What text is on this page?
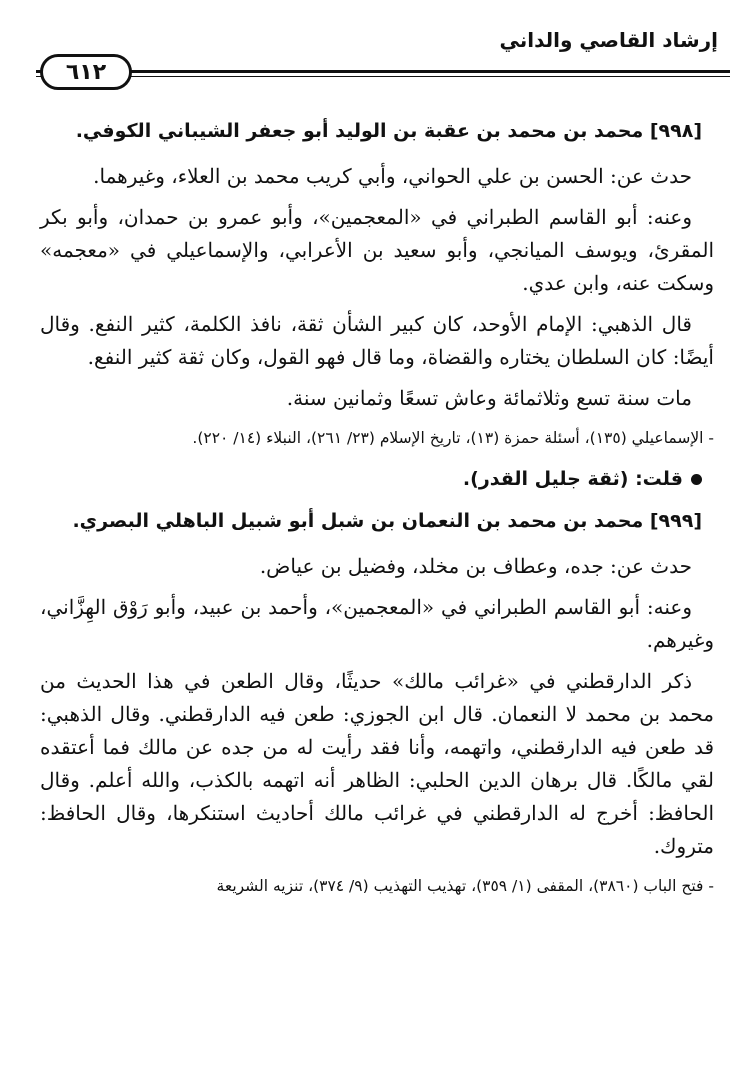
إرشاد القاصي والداني
٦١٢
[٩٩٨] محمد بن محمد بن عقبة بن الوليد أبو جعفر الشيباني الكوفي.

حدث عن: الحسن بن علي الحواني، وأبي كريب محمد بن العلاء، وغيرهما.

وعنه: أبو القاسم الطبراني في «المعجمين»، وأبو عمرو بن حمدان، وأبو بكر المقرئ، ويوسف الميانجي، وأبو سعيد بن الأعرابي، والإسماعيلي في «معجمه» وسكت عنه، وابن عدي.

قال الذهبي: الإمام الأوحد، كان كبير الشأن ثقة، نافذ الكلمة، كثير النفع. وقال أيضًا: كان السلطان يختاره والقضاة، وما قال فهو القول، وكان ثقة كثير النفع.

مات سنة تسع وثلاثمائة وعاش تسعًا وثمانين سنة.

- الإسماعيلي (١٣٥)، أسئلة حمزة (١٣)، تاريخ الإسلام (٢٣/ ٢٦١)، النبلاء (١٤/ ٢٢٠).
قلت: (ثقة جليل القدر).
[٩٩٩] محمد بن محمد بن النعمان بن شبل أبو شبيل الباهلي البصري.

حدث عن: جده، وعطاف بن مخلد، وفضيل بن عياض.

وعنه: أبو القاسم الطبراني في «المعجمين»، وأحمد بن عبيد، وأبو رَوْق الهِزَّاني، وغيرهم.

ذكر الدارقطني في «غرائب مالك» حديثًا، وقال الطعن في هذا الحديث من محمد بن محمد لا النعمان. قال ابن الجوزي: طعن فيه الدارقطني. وقال الذهبي: قد طعن فيه الدارقطني، واتهمه، وأنا فقد رأيت له من جده عن مالك فما أعتقده لقي مالكًا. قال برهان الدين الحلبي: الظاهر أنه اتهمه بالكذب، والله أعلم. وقال الحافظ: أخرج له الدارقطني في غرائب مالك أحاديث استنكرها، وقال الحافظ: متروك.

- فتح الباب (٣٨٦٠)، المقفى (١/ ٣٥٩)، تهذيب التهذيب (٩/ ٣٧٤)، تنزيه الشريعة
